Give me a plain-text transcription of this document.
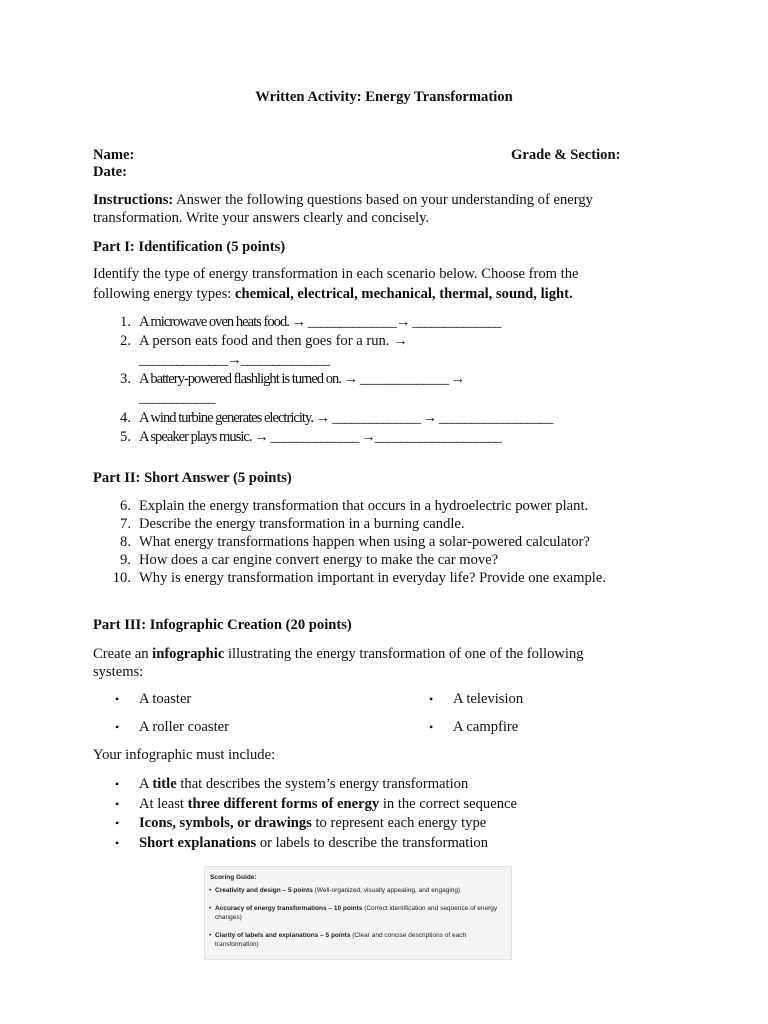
Written Activity: Energy Transformation
Name:	Grade & Section:
Date:
Instructions: Answer the following questions based on your understanding of energy
transformation. Write your answers clearly and concisely.
Part I: Identification (5 points)
Identify the type of energy transformation in each scenario below. Choose from the
following energy types: chemical, electrical, mechanical, thermal, sound, light.
1. A microwave oven heats food. → ______________→ ______________
2. A person eats food and then goes for a run. →
______________→______________
3. A battery-powered flashlight is turned on. → ______________ →
____________
4. A wind turbine generates electricity. → ______________ → __________________
5. A speaker plays music. → ______________ →____________________
Part II: Short Answer (5 points)
6. Explain the energy transformation that occurs in a hydroelectric power plant.
7. Describe the energy transformation in a burning candle.
8. What energy transformations happen when using a solar-powered calculator?
9. How does a car engine convert energy to make the car move?
10. Why is energy transformation important in everyday life? Provide one example.
Part III: Infographic Creation (20 points)
Create an infographic illustrating the energy transformation of one of the following
systems:
• A toaster	• A television
• A roller coaster	• A campfire
Your infographic must include:
• A title that describes the system’s energy transformation
• At least three different forms of energy in the correct sequence
• Icons, symbols, or drawings to represent each energy type
• Short explanations or labels to describe the transformation
Scoring Guide:
• Creativity and design – 5 points (Well-organized, visually appealing, and engaging)
• Accuracy of energy transformations – 10 points (Correct identification and sequence of energy changes)
• Clarity of labels and explanations – 5 points (Clear and concise descriptions of each transformation)
